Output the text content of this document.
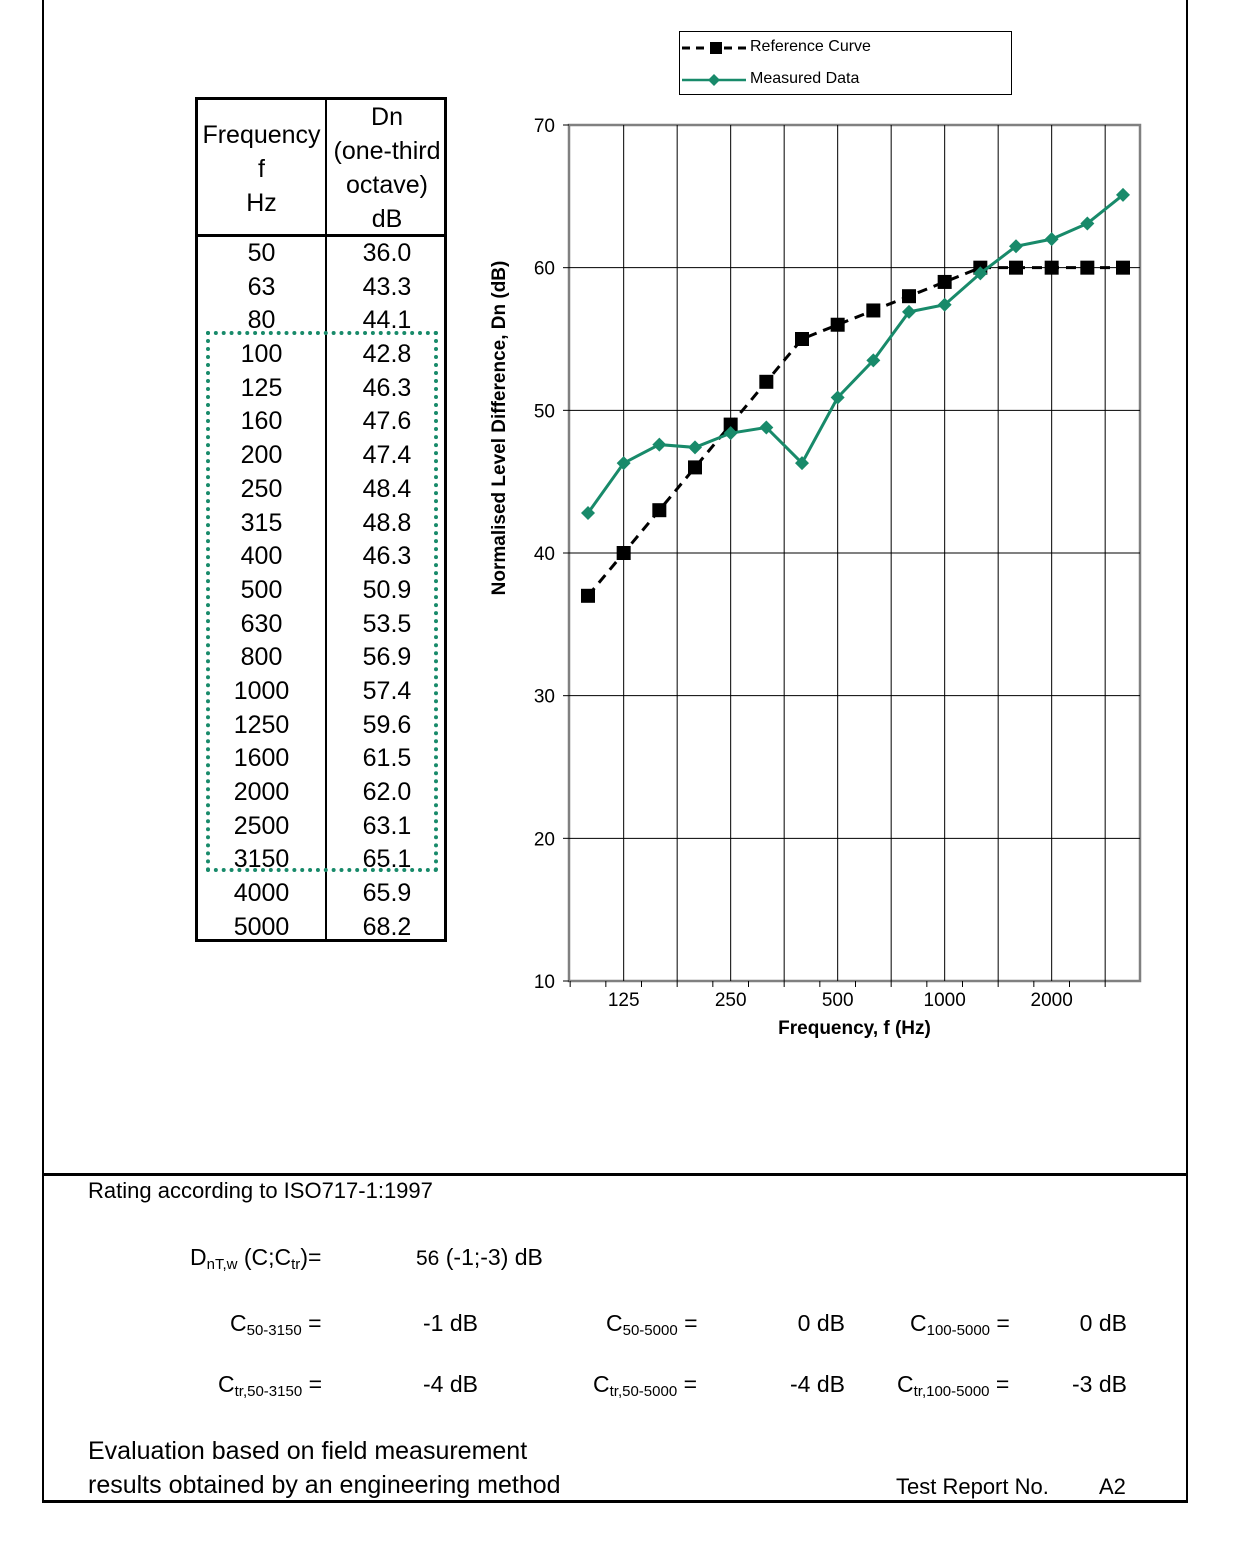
Frequency
f
Hz
Dn
(one-third
octave)
dB
50	36.0
63	43.3
80	44.1
100	42.8
125	46.3
160	47.6
200	47.4
250	48.4
315	48.8
400	46.3
500	50.9
630	53.5
800	56.9
1000	57.4
1250	59.6
1600	61.5
2000	62.0
2500	63.1
3150	65.1
4000	65.9
5000	68.2
10
20
30
40
50
60
70
125	250	500	1000	2000
Frequency, f (Hz)
Normalised Level Difference, Dn (dB)
Reference Curve
Measured Data
Rating according to ISO717-1:1997
$D_{nT,w}$ $(C;C_{tr})=$	56 (-1;-3) dB
$C_{50-3150}$ =	-1 dB	$C_{50-5000}$ =	0 dB	$C_{100-5000}$ =	0 dB
$C_{tr,50-3150}$ =	-4 dB	$C_{tr,50-5000}$ =	-4 dB $C_{tr,100-5000}$ =	-3 dB
Evaluation based on field measurement
results obtained by an engineering method	Test Report No. A2
